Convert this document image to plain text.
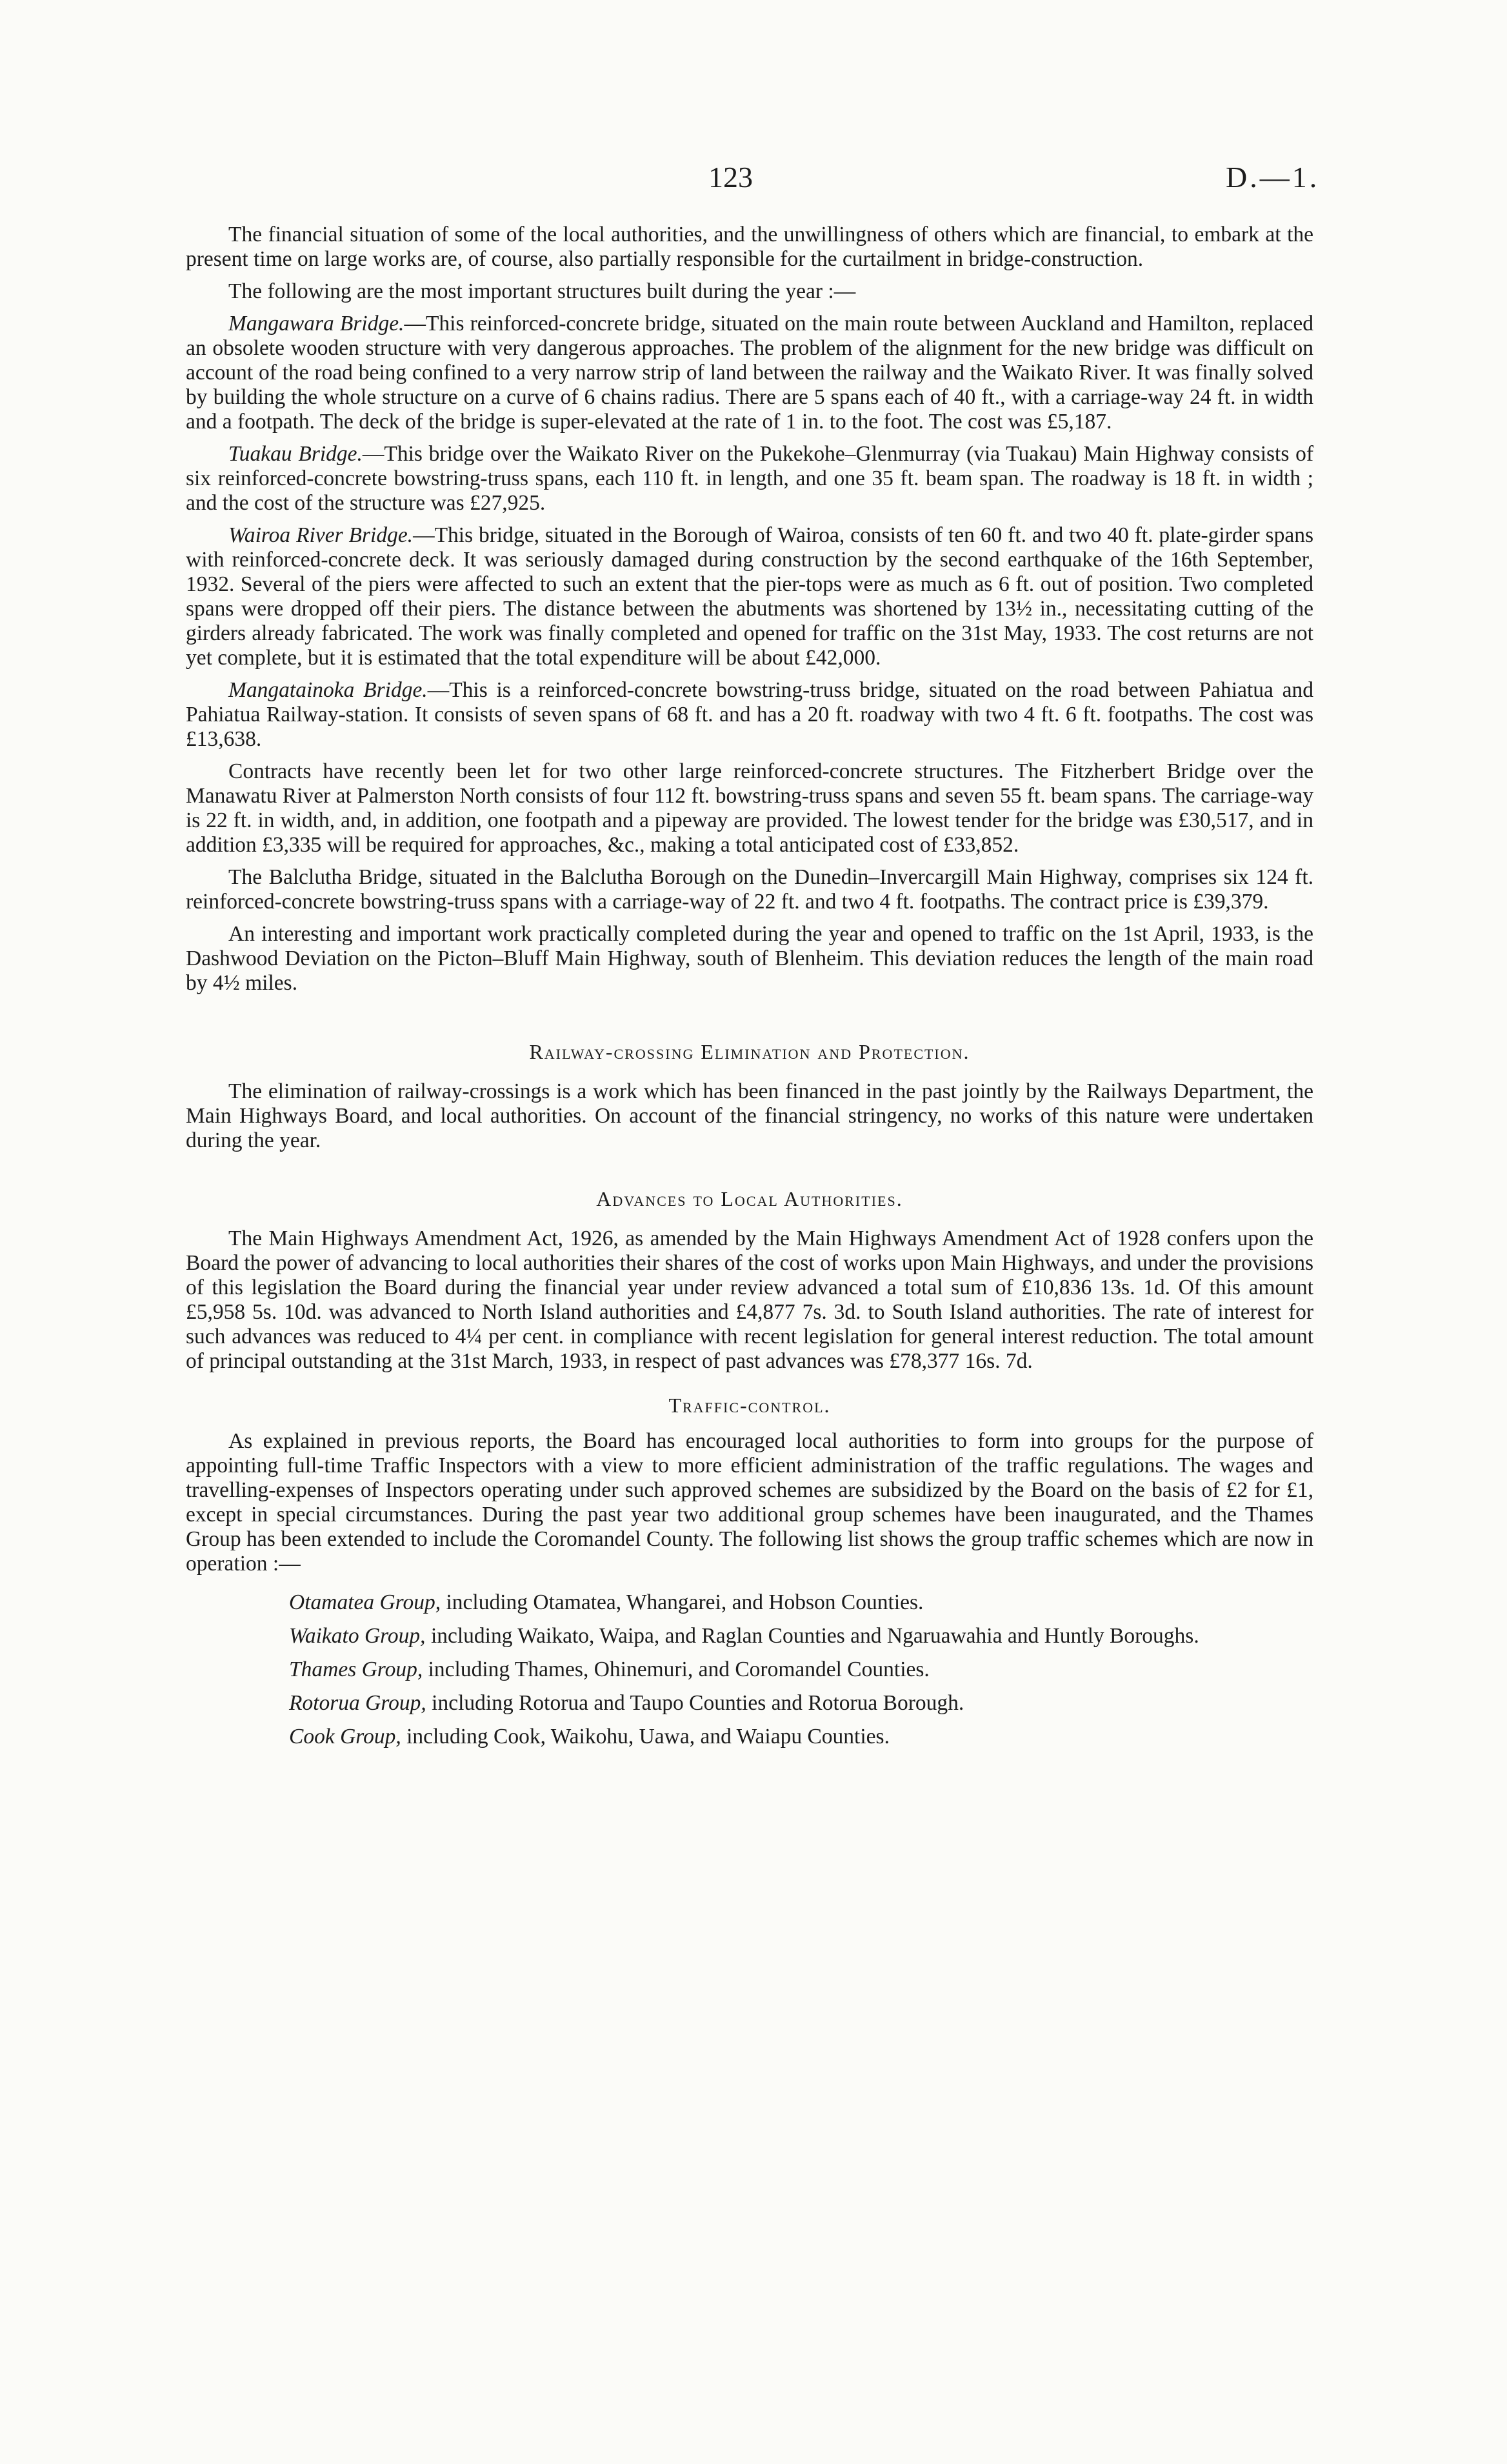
123	D.—1.

The financial situation of some of the local authorities, and the unwillingness of others which are financial, to embark at the present time on large works are, of course, also partially responsible for the curtailment in bridge-construction.

The following are the most important structures built during the year :—

Mangawara Bridge.—This reinforced-concrete bridge, situated on the main route between Auckland and Hamilton, replaced an obsolete wooden structure with very dangerous approaches. The problem of the alignment for the new bridge was difficult on account of the road being confined to a very narrow strip of land between the railway and the Waikato River. It was finally solved by building the whole structure on a curve of 6 chains radius. There are 5 spans each of 40 ft., with a carriage-way 24 ft. in width and a footpath. The deck of the bridge is super-elevated at the rate of 1 in. to the foot. The cost was £5,187.

Tuakau Bridge.—This bridge over the Waikato River on the Pukekohe–Glenmurray (via Tuakau) Main Highway consists of six reinforced-concrete bowstring-truss spans, each 110 ft. in length, and one 35 ft. beam span. The roadway is 18 ft. in width ; and the cost of the structure was £27,925.

Wairoa River Bridge.—This bridge, situated in the Borough of Wairoa, consists of ten 60 ft. and two 40 ft. plate-girder spans with reinforced-concrete deck. It was seriously damaged during construction by the second earthquake of the 16th September, 1932. Several of the piers were affected to such an extent that the pier-tops were as much as 6 ft. out of position. Two completed spans were dropped off their piers. The distance between the abutments was shortened by 13½ in., necessitating cutting of the girders already fabricated. The work was finally completed and opened for traffic on the 31st May, 1933. The cost returns are not yet complete, but it is estimated that the total expenditure will be about £42,000.

Mangatainoka Bridge.—This is a reinforced-concrete bowstring-truss bridge, situated on the road between Pahiatua and Pahiatua Railway-station. It consists of seven spans of 68 ft. and has a 20 ft. roadway with two 4 ft. 6 ft. footpaths. The cost was £13,638.

Contracts have recently been let for two other large reinforced-concrete structures. The Fitzherbert Bridge over the Manawatu River at Palmerston North consists of four 112 ft. bowstring-truss spans and seven 55 ft. beam spans. The carriage-way is 22 ft. in width, and, in addition, one footpath and a pipeway are provided. The lowest tender for the bridge was £30,517, and in addition £3,335 will be required for approaches, &c., making a total anticipated cost of £33,852.

The Balclutha Bridge, situated in the Balclutha Borough on the Dunedin–Invercargill Main Highway, comprises six 124 ft. reinforced-concrete bowstring-truss spans with a carriage-way of 22 ft. and two 4 ft. footpaths. The contract price is £39,379.

An interesting and important work practically completed during the year and opened to traffic on the 1st April, 1933, is the Dashwood Deviation on the Picton–Bluff Main Highway, south of Blenheim. This deviation reduces the length of the main road by 4½ miles.

Railway-crossing Elimination and Protection.

The elimination of railway-crossings is a work which has been financed in the past jointly by the Railways Department, the Main Highways Board, and local authorities. On account of the financial stringency, no works of this nature were undertaken during the year.

Advances to Local Authorities.

The Main Highways Amendment Act, 1926, as amended by the Main Highways Amendment Act of 1928 confers upon the Board the power of advancing to local authorities their shares of the cost of works upon Main Highways, and under the provisions of this legislation the Board during the financial year under review advanced a total sum of £10,836 13s. 1d. Of this amount £5,958 5s. 10d. was advanced to North Island authorities and £4,877 7s. 3d. to South Island authorities. The rate of interest for such advances was reduced to 4¼ per cent. in compliance with recent legislation for general interest reduction. The total amount of principal outstanding at the 31st March, 1933, in respect of past advances was £78,377 16s. 7d.

Traffic-control.

As explained in previous reports, the Board has encouraged local authorities to form into groups for the purpose of appointing full-time Traffic Inspectors with a view to more efficient administration of the traffic regulations. The wages and travelling-expenses of Inspectors operating under such approved schemes are subsidized by the Board on the basis of £2 for £1, except in special circumstances. During the past year two additional group schemes have been inaugurated, and the Thames Group has been extended to include the Coromandel County. The following list shows the group traffic schemes which are now in operation :—

Otamatea Group, including Otamatea, Whangarei, and Hobson Counties.
Waikato Group, including Waikato, Waipa, and Raglan Counties and Ngaruawahia and Huntly Boroughs.
Thames Group, including Thames, Ohinemuri, and Coromandel Counties.
Rotorua Group, including Rotorua and Taupo Counties and Rotorua Borough.
Cook Group, including Cook, Waikohu, Uawa, and Waiapu Counties.
